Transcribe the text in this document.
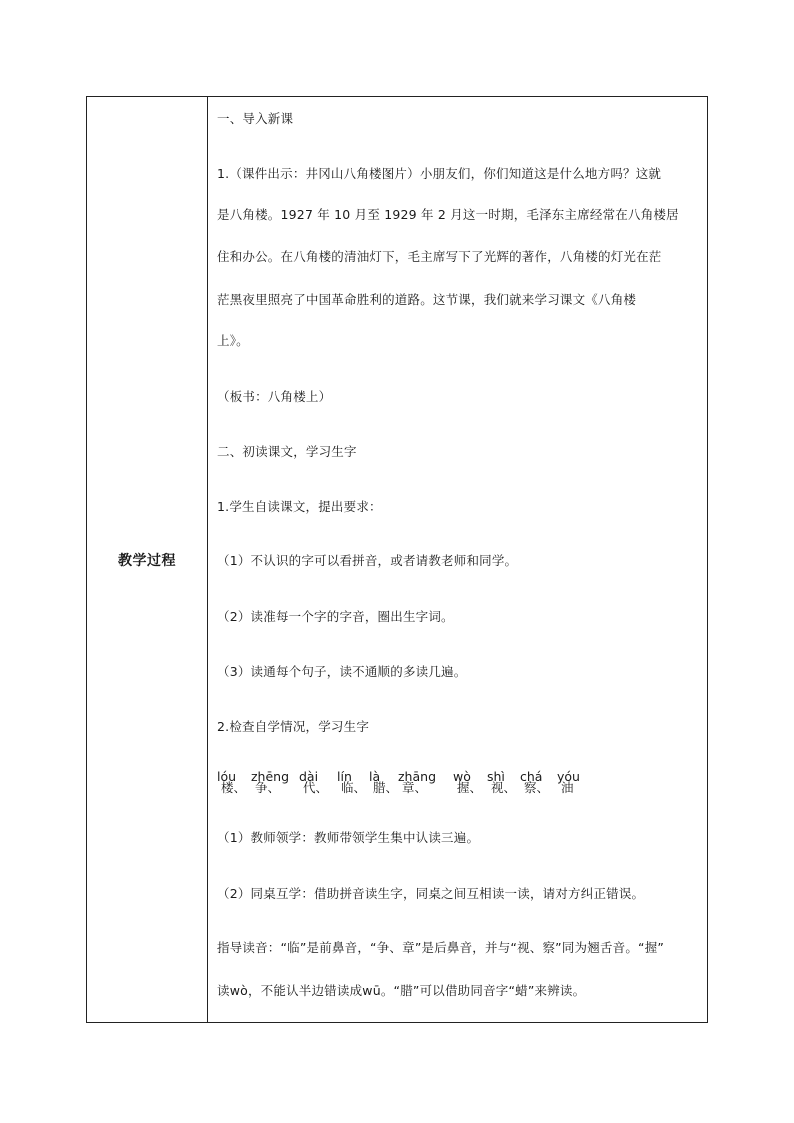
教学过程
一、导入新课
1.（课件出示：井冈山八角楼图片）小朋友们，你们知道这是什么地方吗？这就
是八角楼。1927 年 10 月至 1929 年 2 月这一时期，毛泽东主席经常在八角楼居
住和办公。在八角楼的清油灯下，毛主席写下了光辉的著作，八角楼的灯光在茫
茫黑夜里照亮了中国革命胜利的道路。这节课，我们就来学习课文《八角楼
上》。
（板书：八角楼上）
二、初读课文，学习生字
1.学生自读课文，提出要求：
（1）不认识的字可以看拼音，或者请教老师和同学。
（2）读准每一个字的字音，圈出生字词。
（3）读通每个句子，读不通顺的多读几遍。
2.检查自学情况，学习生字
lóu
楼、
zhēng
争、
dài
代、
lín
临、
là
腊、
zhāng
章、
wò
握、
shì
视、
chá
察、
yóu
油
（1）教师领学：教师带领学生集中认读三遍。
（2）同桌互学：借助拼音读生字，同桌之间互相读一读，请对方纠正错误。
指导读音：“临”是前鼻音，“争、章”是后鼻音，并与“视、察”同为翘舌音。“握”
读wò，不能认半边错读成wū。“腊”可以借助同音字“蜡”来辨读。
